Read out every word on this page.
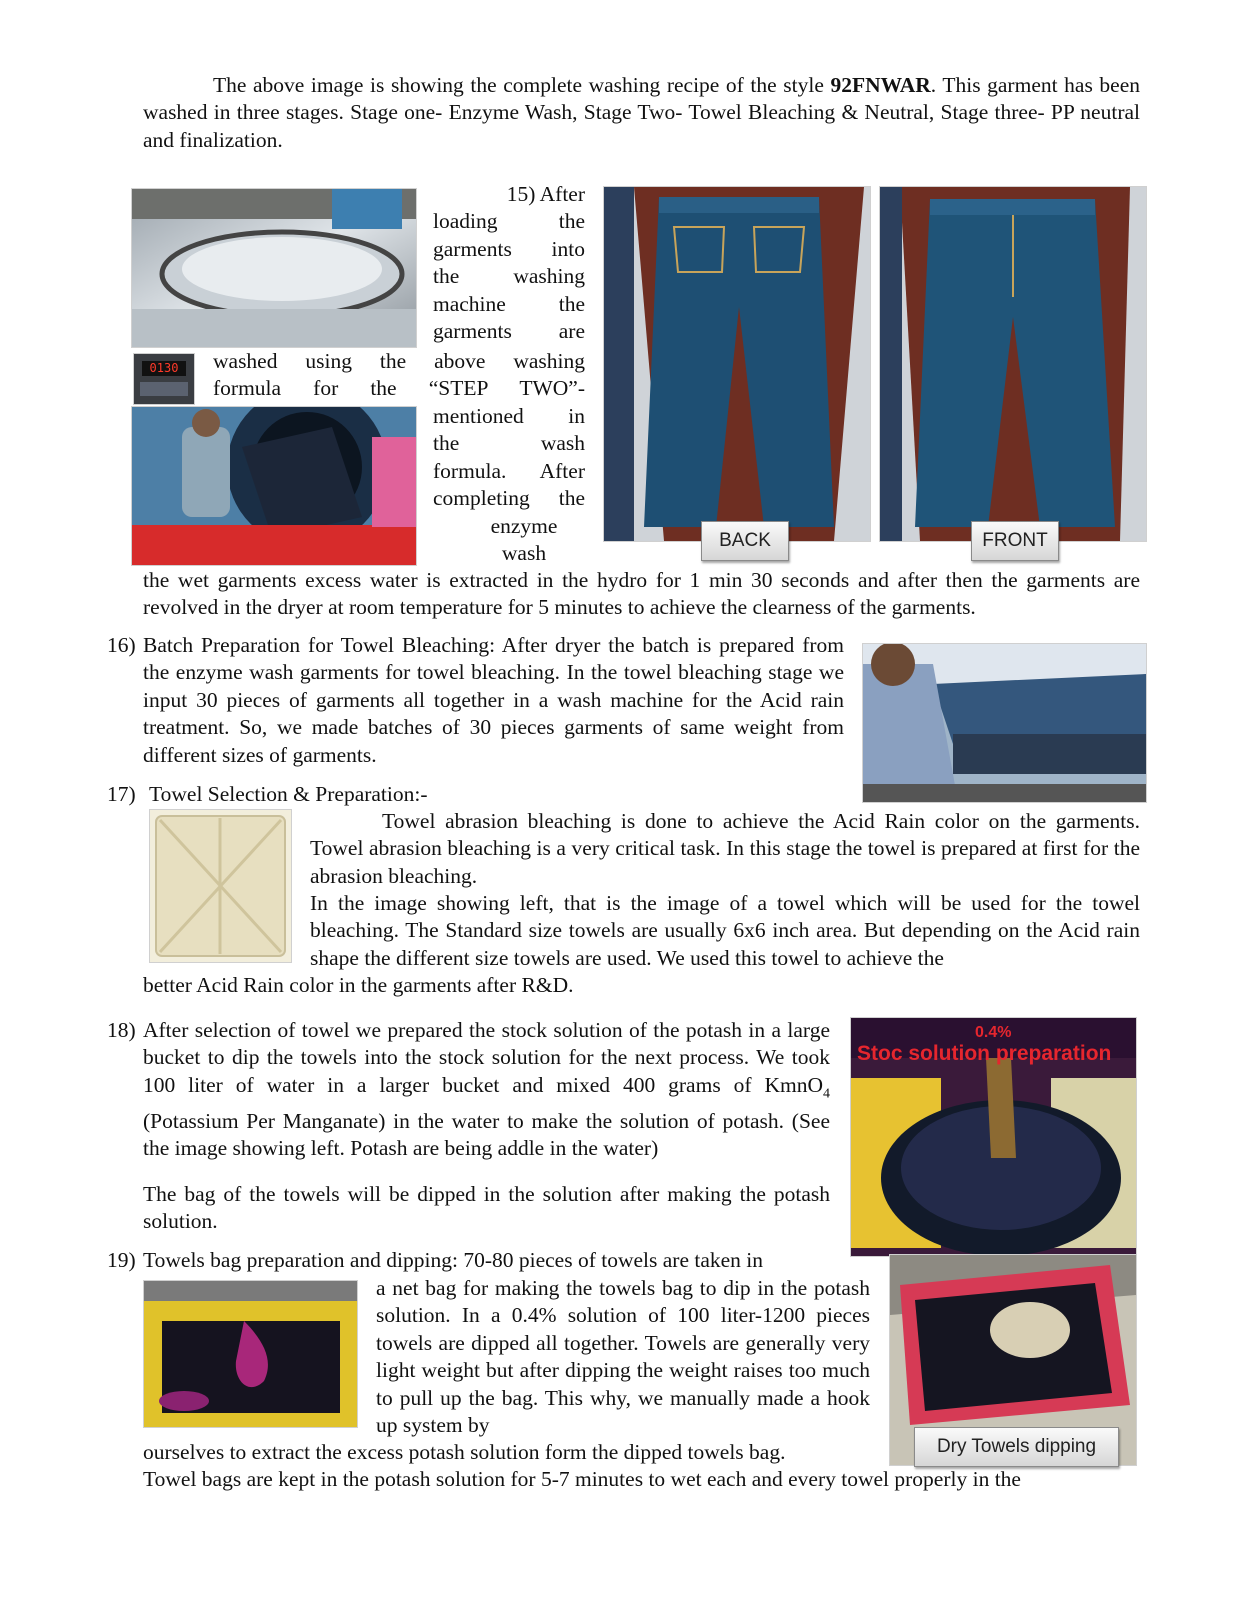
The above image is showing the complete washing recipe of the style 92FNWAR. This garment has been washed in three stages. Stage one- Enzyme Wash, Stage Two- Towel Bleaching & Neutral, Stage three- PP neutral and finalization.

0130
15) After
loading the
garments into
the washing
machine the
garments are
washed using the above washing
formula for the “STEP TWO”-
mentioned in
the wash
formula. After
completing the
enzyme
wash
BACK	FRONT

the wet garments excess water is extracted in the hydro for 1 min 30 seconds and after then the garments are revolved in the dryer at room temperature for 5 minutes to achieve the clearness of the garments.

16) Batch Preparation for Towel Bleaching: After dryer the batch is prepared from the enzyme wash garments for towel bleaching. In the towel bleaching stage we input 30 pieces of garments all together in a wash machine for the Acid rain treatment. So, we made batches of 30 pieces garments of same weight from different sizes of garments.

17) Towel Selection & Preparation:-

Towel abrasion bleaching is done to achieve the Acid Rain color on the garments. Towel abrasion bleaching is a very critical task. In this stage the towel is prepared at first for the abrasion bleaching.

In the image showing left, that is the image of a towel which will be used for the towel bleaching. The Standard size towels are usually 6x6 inch area. But depending on the Acid rain shape the different size towels are used. We used this towel to achieve the

better Acid Rain color in the garments after R&D.

18) After selection of towel we prepared the stock solution of the potash in a large bucket to dip the towels into the stock solution for the next process. We took 100 liter of water in a larger bucket and mixed 400 grams of KmnO$_4$ (Potassium Per Manganate) in the water to make the solution of potash. (See the image showing left. Potash are being addle in the water)

The bag of the towels will be dipped in the solution after making the potash solution.

0.4%
Stoc solution preparation
19) Towels bag preparation and dipping: 70-80 pieces of towels are taken in

a net bag for making the towels bag to dip in the potash solution. In a 0.4% solution of 100 liter-1200 pieces towels are dipped all together. Towels are generally very light weight but after dipping the weight raises too much to pull up the bag. This why, we manually made a hook up system by

ourselves to extract the excess potash solution form the dipped towels bag.

Towel bags are kept in the potash solution for 5-7 minutes to wet each and every towel properly in the

Dry Towels dipping
